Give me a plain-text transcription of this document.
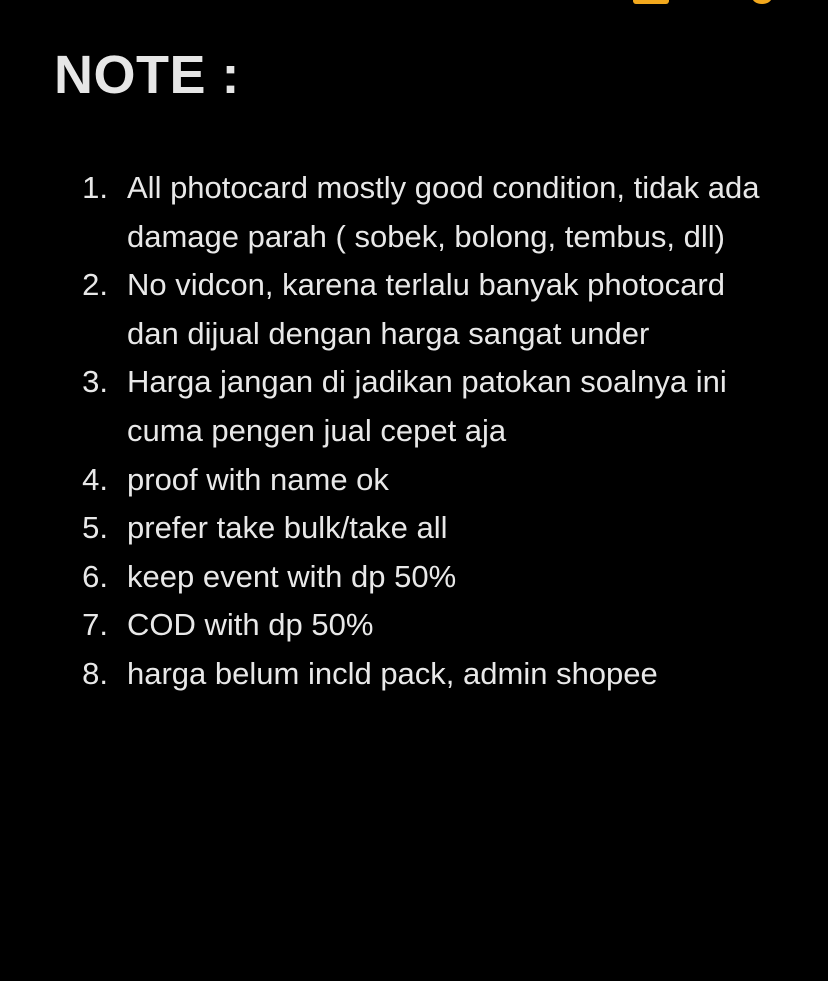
NOTE :
1. All photocard mostly good condition, tidak ada damage parah ( sobek, bolong, tembus, dll)
2. No vidcon, karena terlalu banyak photocard dan dijual dengan harga sangat under
3. Harga jangan di jadikan patokan soalnya ini cuma pengen jual cepet aja
4. proof with name ok
5. prefer take bulk/take all
6. keep event with dp 50%
7. COD with dp 50%
8. harga belum incld pack, admin shopee
